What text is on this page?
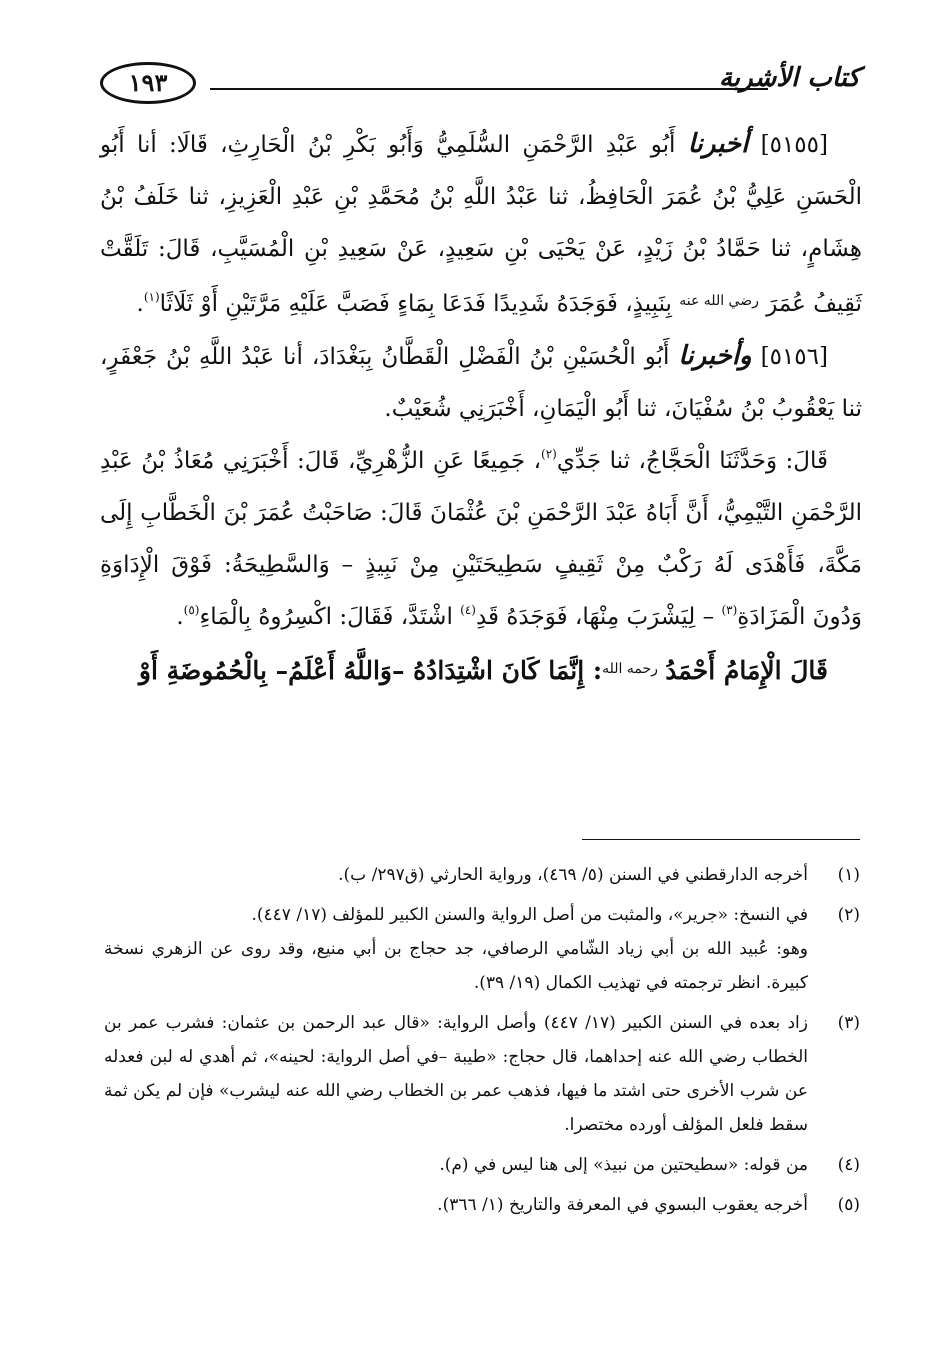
كتاب الأشربة
١٩٣

[٥١٥٥] أخبرنا أَبُو عَبْدِ الرَّحْمَنِ السُّلَمِيُّ وَأَبُو بَكْرِ بْنُ الْحَارِثِ، قَالَا: أنا أَبُو الْحَسَنِ عَلِيُّ بْنُ عُمَرَ الْحَافِظُ، ثنا عَبْدُ اللَّهِ بْنُ مُحَمَّدِ بْنِ عَبْدِ الْعَزِيزِ، ثنا خَلَفُ بْنُ هِشَامٍ، ثنا حَمَّادُ بْنُ زَيْدٍ، عَنْ يَحْيَى بْنِ سَعِيدٍ، عَنْ سَعِيدِ بْنِ الْمُسَيَّبِ، قَالَ: تَلَقَّتْ ثَقِيفُ عُمَرَ $^{رضي الله عنه}$ بِنَبِيذٍ، فَوَجَدَهُ شَدِيدًا فَدَعَا بِمَاءٍ فَصَبَّ عَلَيْهِ مَرَّتَيْنِ أَوْ ثَلَاثًا$^{(١)}$.

[٥١٥٦] وأخبرنا أَبُو الْحُسَيْنِ بْنُ الْفَضْلِ الْقَطَّانُ بِبَغْدَادَ، أنا عَبْدُ اللَّهِ بْنُ جَعْفَرٍ، ثنا يَعْقُوبُ بْنُ سُفْيَانَ، ثنا أَبُو الْيَمَانِ، أَخْبَرَنِي شُعَيْبٌ.

قَالَ: وَحَدَّثَنَا الْحَجَّاجُ، ثنا جَدِّي$^{(٢)}$، جَمِيعًا عَنِ الزُّهْرِيِّ، قَالَ: أَخْبَرَنِي مُعَاذُ بْنُ عَبْدِ الرَّحْمَنِ التَّيْمِيُّ، أَنَّ أَبَاهُ عَبْدَ الرَّحْمَنِ بْنَ عُثْمَانَ قَالَ: صَاحَبْتُ عُمَرَ بْنَ الْخَطَّابِ إِلَى مَكَّةَ، فَأَهْدَى لَهُ رَكْبٌ مِنْ ثَقِيفٍ سَطِيحَتَيْنِ مِنْ نَبِيذٍ – وَالسَّطِيحَةُ: فَوْقَ الْإِدَاوَةِ وَدُونَ الْمَزَادَةِ$^{(٣)}$ – لِيَشْرَبَ مِنْهَا، فَوَجَدَهُ قَدِ$^{(٤)}$ اشْتَدَّ، فَقَالَ: اكْسِرُوهُ بِالْمَاءِ$^{(٥)}$.

قَالَ الْإِمَامُ أَحْمَدُ $^{رحمه الله}$: إِنَّمَا كَانَ اشْتِدَادُهُ –وَاللَّهُ أَعْلَمُ– بِالْحُمُوضَةِ أَوْ

(١)
أخرجه الدارقطني في السنن (٥/ ٤٦٩)، ورواية الحارثي (ق٢٩٧/ ب).
(٢)
في النسخ: «جرير»، والمثبت من أصل الرواية والسنن الكبير للمؤلف (١٧/ ٤٤٧).
وهو: عُبيد الله بن أبي زياد الشّامي الرصافي، جد حجاج بن أبي منيع، وقد روى عن الزهري نسخة كبيرة. انظر ترجمته في تهذيب الكمال (١٩/ ٣٩).
(٣)
زاد بعده في السنن الكبير (١٧/ ٤٤٧) وأصل الرواية: «قال عبد الرحمن بن عثمان: فشرب عمر بن الخطاب رضي الله عنه إحداهما، قال حجاج: «طيبة –في أصل الرواية: لحينه»، ثم أهدي له لبن فعدله عن شرب الأخرى حتى اشتد ما فيها، فذهب عمر بن الخطاب رضي الله عنه ليشرب» فإن لم يكن ثمة سقط فلعل المؤلف أورده مختصرا.
(٤)
من قوله: «سطيحتين من نبيذ» إلى هنا ليس في (م).
(٥)
أخرجه يعقوب البسوي في المعرفة والتاريخ (١/ ٣٦٦).
